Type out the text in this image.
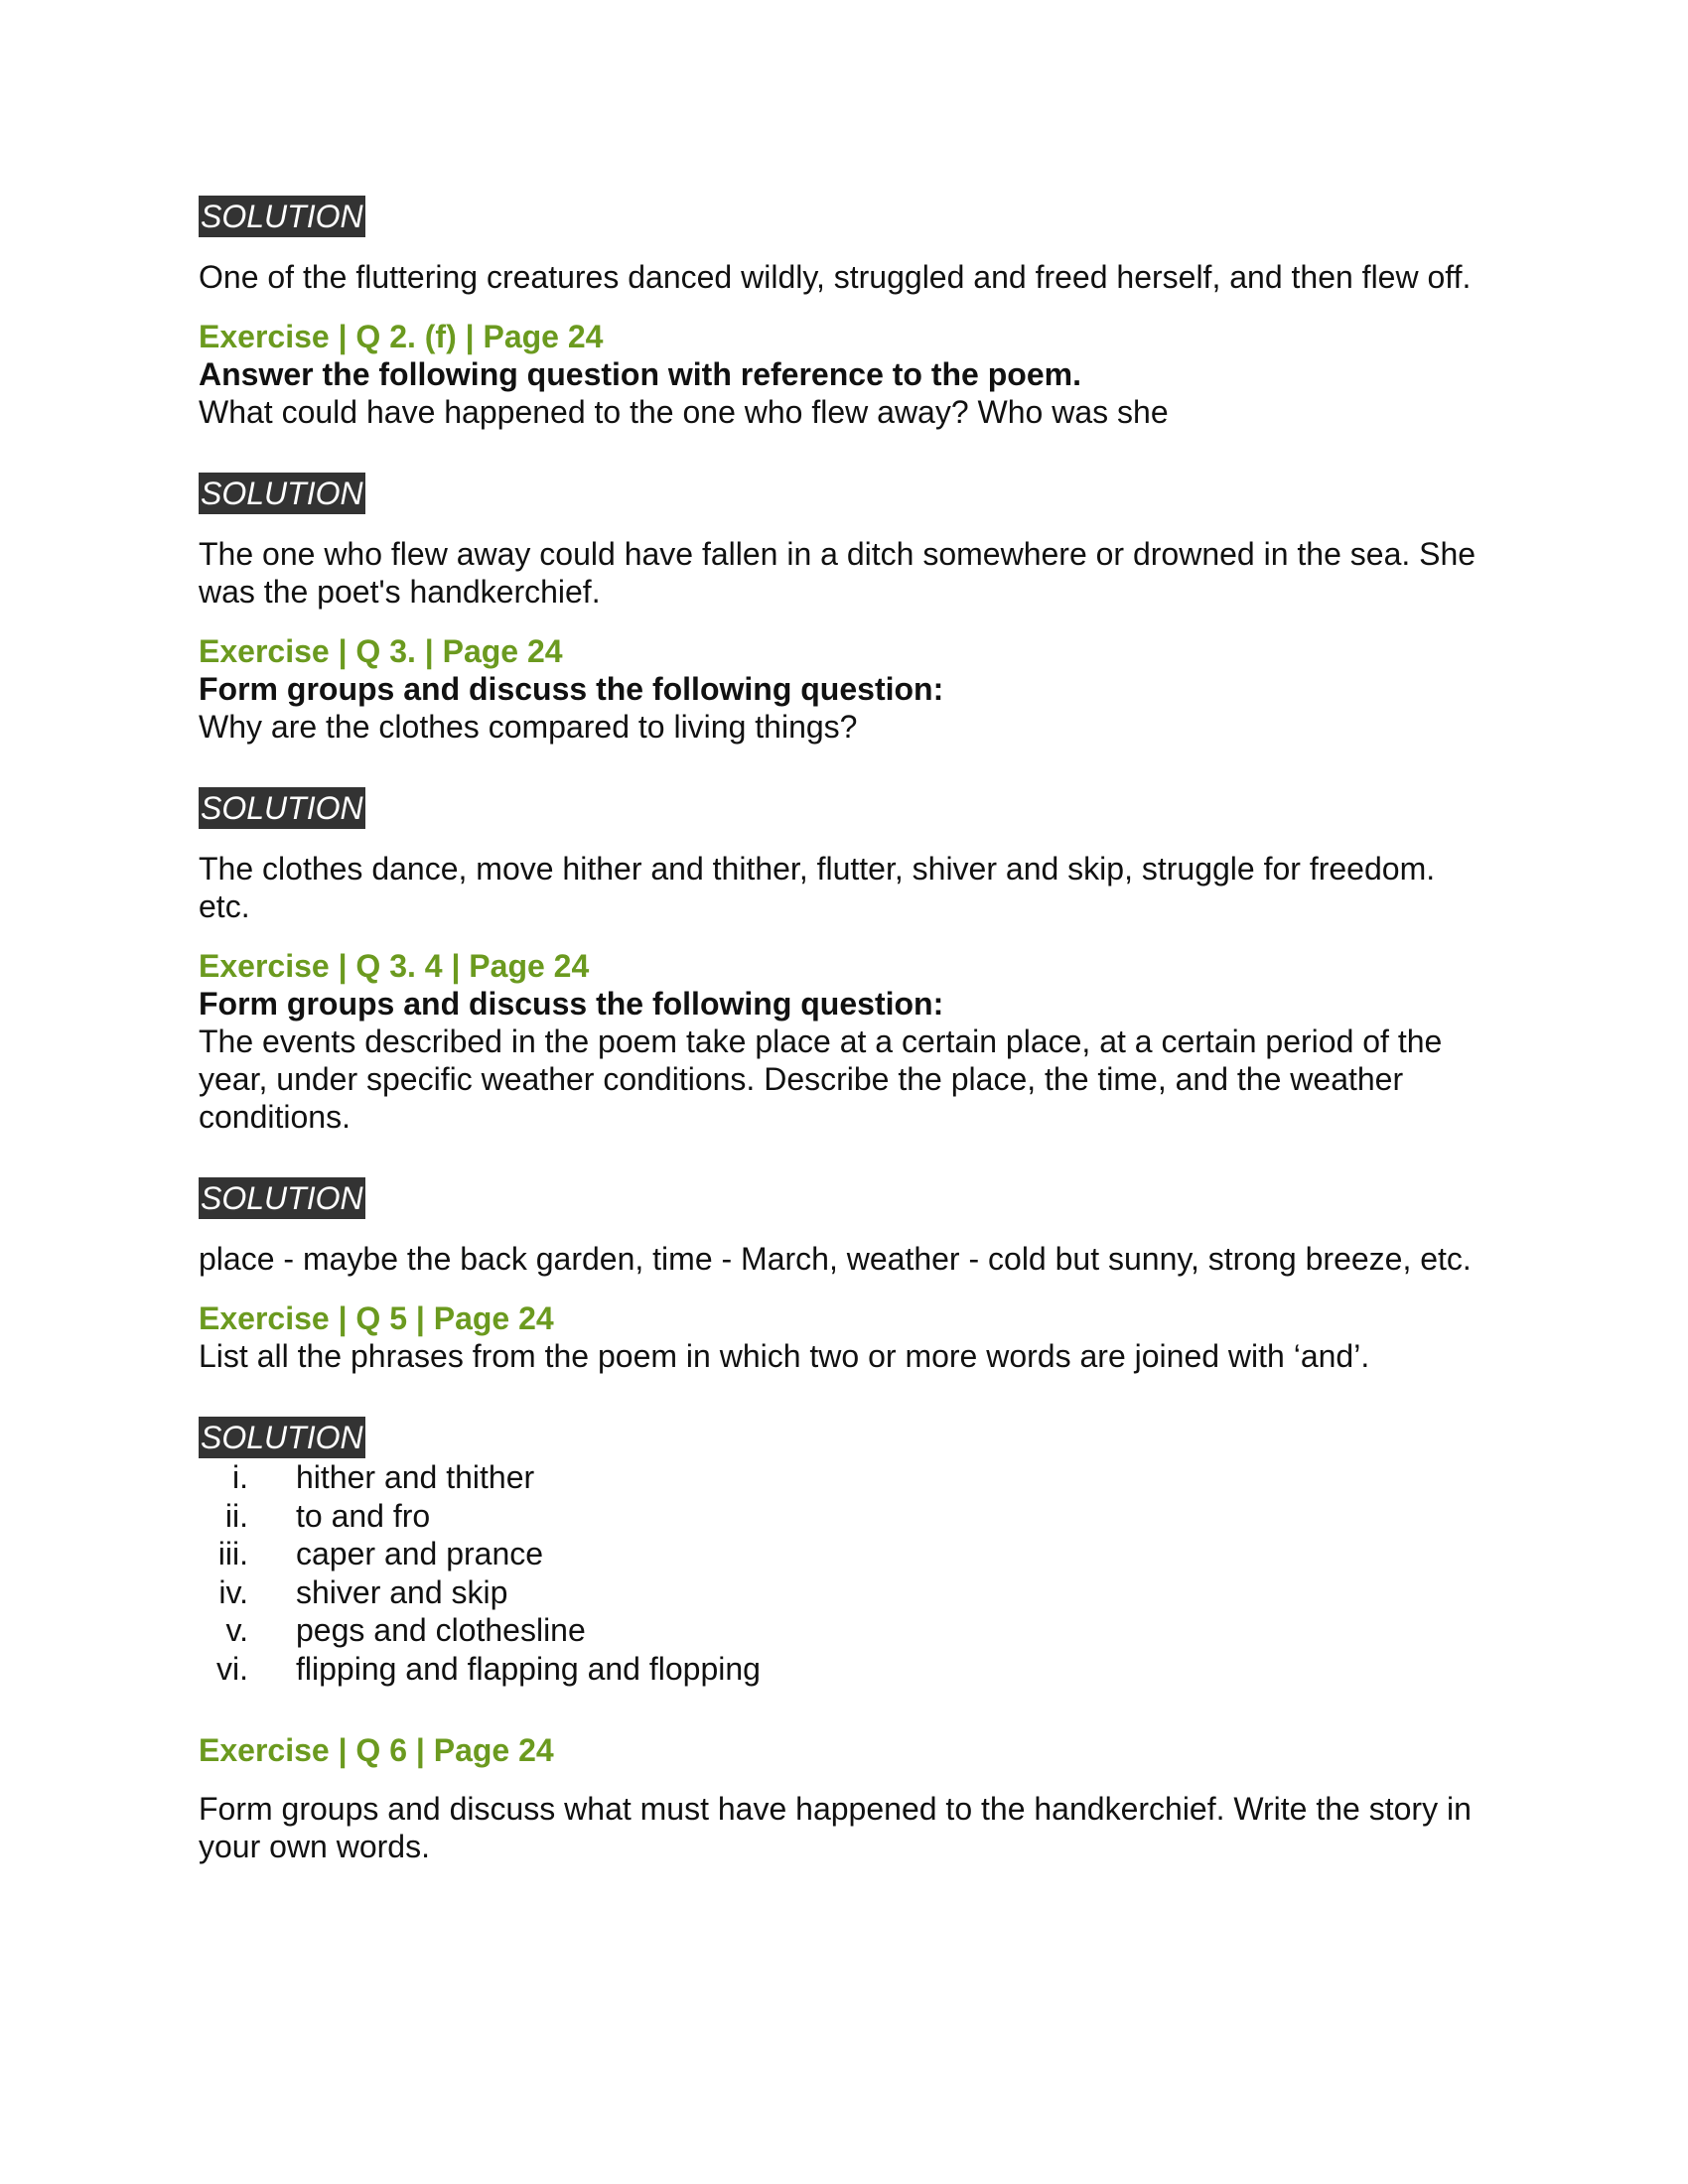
SOLUTION

One of the fluttering creatures danced wildly, struggled and freed herself, and then flew off.

Exercise | Q 2. (f) | Page 24

Answer the following question with reference to the poem.

What could have happened to the one who flew away? Who was she

SOLUTION

The one who flew away could have fallen in a ditch somewhere or drowned in the sea. She was the poet's handkerchief.

Exercise | Q 3. | Page 24

Form groups and discuss the following question:

Why are the clothes compared to living things?

SOLUTION

The clothes dance, move hither and thither, flutter, shiver and skip, struggle for freedom. etc.

Exercise | Q 3. 4 | Page 24

Form groups and discuss the following question:

The events described in the poem take place at a certain place, at a certain period of the year, under specific weather conditions. Describe the place, the time, and the weather conditions.

SOLUTION

place - maybe the back garden, time - March, weather - cold but sunny, strong breeze, etc.

Exercise | Q 5 | Page 24

List all the phrases from the poem in which two or more words are joined with ‘and’.

SOLUTION
i. hither and thither
ii. to and fro
iii. caper and prance
iv. shiver and skip
v. pegs and clothesline
vi. flipping and flapping and flopping

Exercise | Q 6 | Page 24

Form groups and discuss what must have happened to the handkerchief. Write the story in your own words.
